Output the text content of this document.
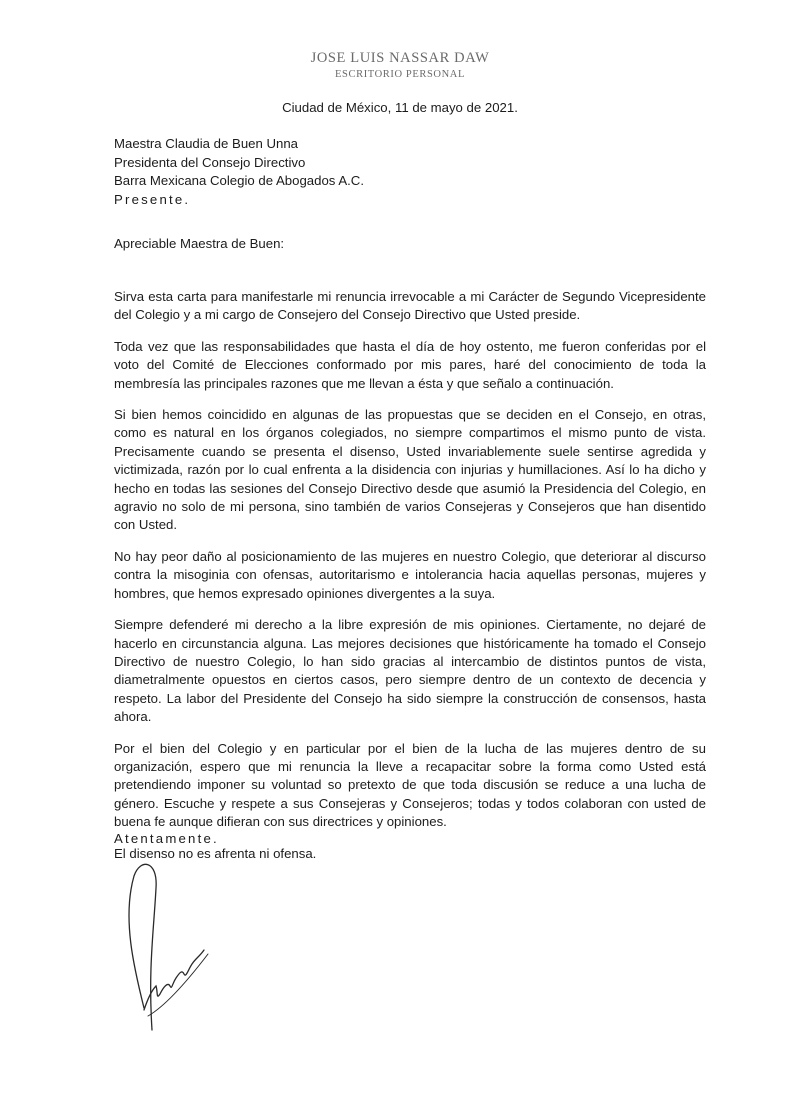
JOSE LUIS NASSAR DAW
ESCRITORIO PERSONAL
Ciudad de México, 11 de mayo de 2021.
Maestra Claudia de Buen Unna
Presidenta del Consejo Directivo
Barra Mexicana Colegio de Abogados A.C.
Presente.
Apreciable Maestra de Buen:

Sirva esta carta para manifestarle mi renuncia irrevocable a mi Carácter de Segundo Vicepresidente del Colegio y a mi cargo de Consejero del Consejo Directivo que Usted preside.

Toda vez que las responsabilidades que hasta el día de hoy ostento, me fueron conferidas por el voto del Comité de Elecciones conformado por mis pares, haré del conocimiento de toda la membresía las principales razones que me llevan a ésta y que señalo a continuación.

Si bien hemos coincidido en algunas de las propuestas que se deciden en el Consejo, en otras, como es natural en los órganos colegiados, no siempre compartimos el mismo punto de vista. Precisamente cuando se presenta el disenso, Usted invariablemente suele sentirse agredida y victimizada, razón por lo cual enfrenta a la disidencia con injurias y humillaciones. Así lo ha dicho y hecho en todas las sesiones del Consejo Directivo desde que asumió la Presidencia del Colegio, en agravio no solo de mi persona, sino también de varios Consejeras y Consejeros que han disentido con Usted.

No hay peor daño al posicionamiento de las mujeres en nuestro Colegio, que deteriorar al discurso contra la misoginia con ofensas, autoritarismo e intolerancia hacia aquellas personas, mujeres y hombres, que hemos expresado opiniones divergentes a la suya.

Siempre defenderé mi derecho a la libre expresión de mis opiniones. Ciertamente, no dejaré de hacerlo en circunstancia alguna. Las mejores decisiones que históricamente ha tomado el Consejo Directivo de nuestro Colegio, lo han sido gracias al intercambio de distintos puntos de vista, diametralmente opuestos en ciertos casos, pero siempre dentro de un contexto de decencia y respeto. La labor del Presidente del Consejo ha sido siempre la construcción de consensos, hasta ahora.

Por el bien del Colegio y en particular por el bien de la lucha de las mujeres dentro de su organización, espero que mi renuncia la lleve a recapacitar sobre la forma como Usted está pretendiendo imponer su voluntad so pretexto de que toda discusión se reduce a una lucha de género. Escuche y respete a sus Consejeras y Consejeros; todas y todos colaboran con usted de buena fe aunque difieran con sus directrices y opiniones.

El disenso no es afrenta ni ofensa.

Atentamente.
